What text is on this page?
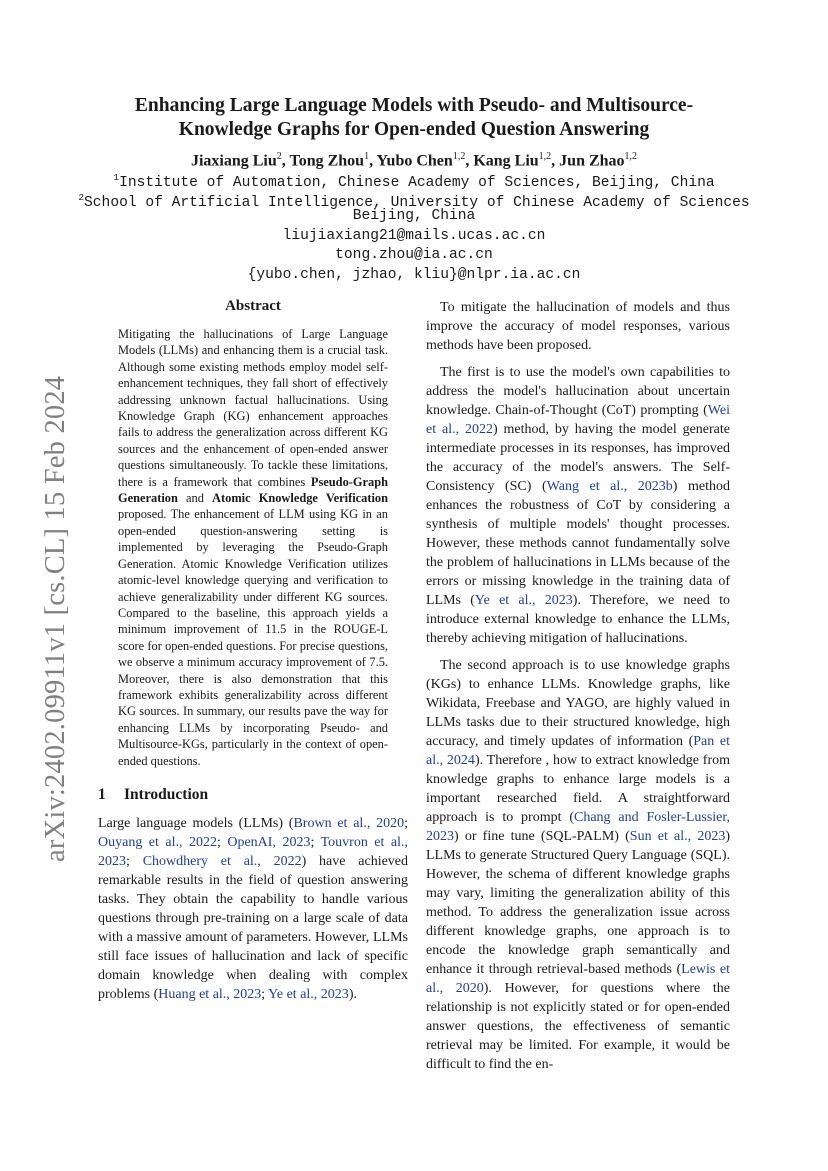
arXiv:2402.09911v1 [cs.CL] 15 Feb 2024
Enhancing Large Language Models with Pseudo- and Multisource-
Knowledge Graphs for Open-ended Question Answering
Jiaxiang Liu$^2$, Tong Zhou$^1$, Yubo Chen$^{1,2}$, Kang Liu$^{1,2}$, Jun Zhao$^{1,2}$
$^1$Institute of Automation, Chinese Academy of Sciences, Beijing, China
$^2$School of Artificial Intelligence, University of Chinese Academy of Sciences
Beijing, China
liujiaxiang21@mails.ucas.ac.cn
tong.zhou@ia.ac.cn
{yubo.chen, jzhao, kliu}@nlpr.ia.ac.cn
Abstract
Mitigating the hallucinations of Large Language Models (LLMs) and enhancing them is a crucial task. Although some existing methods employ model self-enhancement techniques, they fall short of effectively addressing unknown factual hallucinations. Using Knowledge Graph (KG) enhancement approaches fails to address the generalization across different KG sources and the enhancement of open-ended answer questions simultaneously. To tackle these limitations, there is a framework that combines Pseudo-Graph Generation and Atomic Knowledge Verification proposed. The enhancement of LLM using KG in an open-ended question-answering setting is implemented by leveraging the Pseudo-Graph Generation. Atomic Knowledge Verification utilizes atomic-level knowledge querying and verification to achieve generalizability under different KG sources. Compared to the baseline, this approach yields a minimum improvement of 11.5 in the ROUGE-L score for open-ended questions. For precise questions, we observe a minimum accuracy improvement of 7.5. Moreover, there is also demonstration that this framework exhibits generalizability across different KG sources. In summary, our results pave the way for enhancing LLMs by incorporating Pseudo- and Multisource-KGs, particularly in the context of open-ended questions.
1 Introduction

Large language models (LLMs) (Brown et al., 2020; Ouyang et al., 2022; OpenAI, 2023; Touvron et al., 2023; Chowdhery et al., 2022) have achieved remarkable results in the field of question answering tasks. They obtain the capability to handle various questions through pre-training on a large scale of data with a massive amount of parameters. However, LLMs still face issues of hallucination and lack of specific domain knowledge when dealing with complex problems (Huang et al., 2023; Ye et al., 2023).

To mitigate the hallucination of models and thus improve the accuracy of model responses, various methods have been proposed.

The first is to use the model's own capabilities to address the model's hallucination about uncertain knowledge. Chain-of-Thought (CoT) prompting (Wei et al., 2022) method, by having the model generate intermediate processes in its responses, has improved the accuracy of the model's answers. The Self-Consistency (SC) (Wang et al., 2023b) method enhances the robustness of CoT by considering a synthesis of multiple models' thought processes. However, these methods cannot fundamentally solve the problem of hallucinations in LLMs because of the errors or missing knowledge in the training data of LLMs (Ye et al., 2023). Therefore, we need to introduce external knowledge to enhance the LLMs, thereby achieving mitigation of hallucinations.

The second approach is to use knowledge graphs (KGs) to enhance LLMs. Knowledge graphs, like Wikidata, Freebase and YAGO, are highly valued in LLMs tasks due to their structured knowledge, high accuracy, and timely updates of information (Pan et al., 2024). Therefore , how to extract knowledge from knowledge graphs to enhance large models is a important researched field. A straightforward approach is to prompt (Chang and Fosler-Lussier, 2023) or fine tune (SQL-PALM) (Sun et al., 2023) LLMs to generate Structured Query Language (SQL). However, the schema of different knowledge graphs may vary, limiting the generalization ability of this method. To address the generalization issue across different knowledge graphs, one approach is to encode the knowledge graph semantically and enhance it through retrieval-based methods (Lewis et al., 2020). However, for questions where the relationship is not explicitly stated or for open-ended answer questions, the effectiveness of semantic retrieval may be limited. For example, it would be difficult to find the en-
